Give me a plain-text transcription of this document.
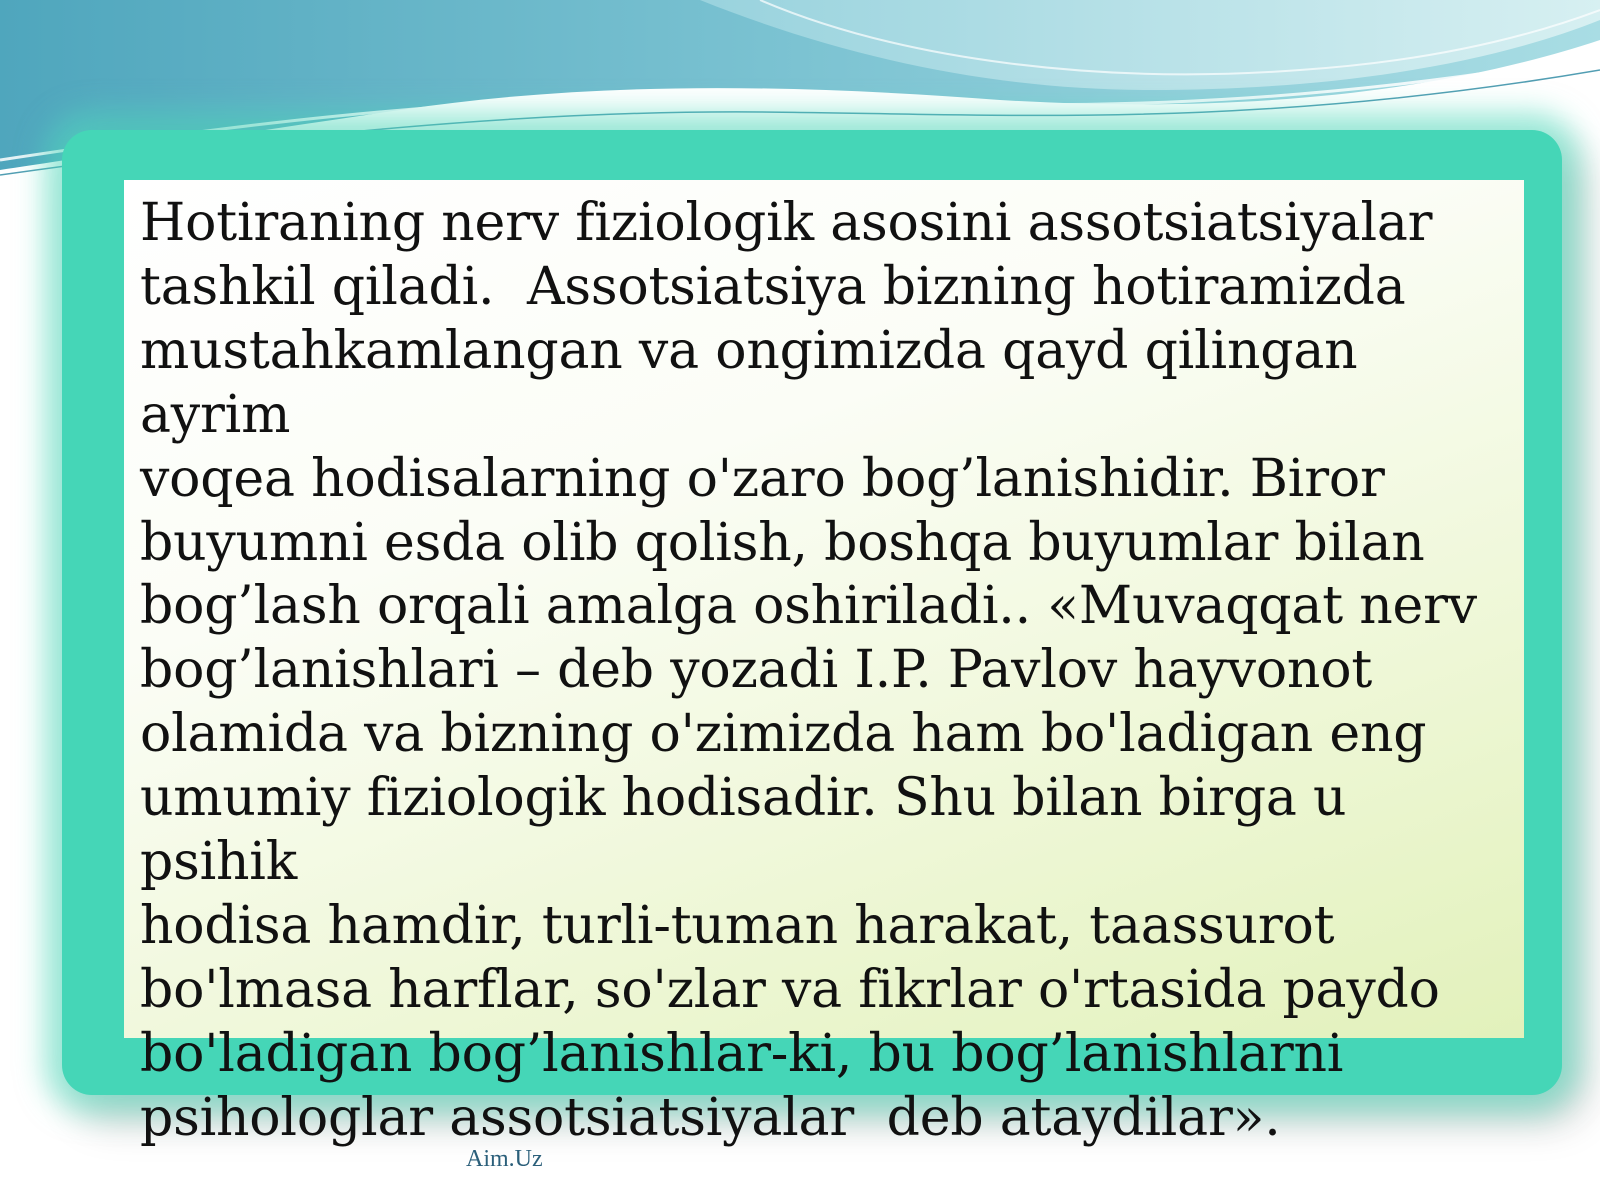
Hotiraning nerv fiziologik asosini assotsiatsiyalar
tashkil qiladi.  Assotsiatsiya bizning hotiramizda
mustahkamlangan va ongimizda qayd qilingan ayrim
voqea hodisalarning o'zaro bog’lanishidir. Biror
buyumni esda olib qolish, boshqa buyumlar bilan
bog’lash orqali amalga oshiriladi.. «Muvaqqat nerv
bog’lanishlari – deb yozadi I.P. Pavlov hayvonot
olamida va bizning o'zimizda ham bo'ladigan eng
umumiy fiziologik hodisadir. Shu bilan birga u psihik
hodisa hamdir, turli-tuman harakat, taassurot
bo'lmasa harflar, so'zlar va fikrlar o'rtasida paydo
bo'ladigan bog’lanishlar-ki, bu bog’lanishlarni
psihologlar assotsiatsiyalar  deb ataydilar».

Aim.Uz
